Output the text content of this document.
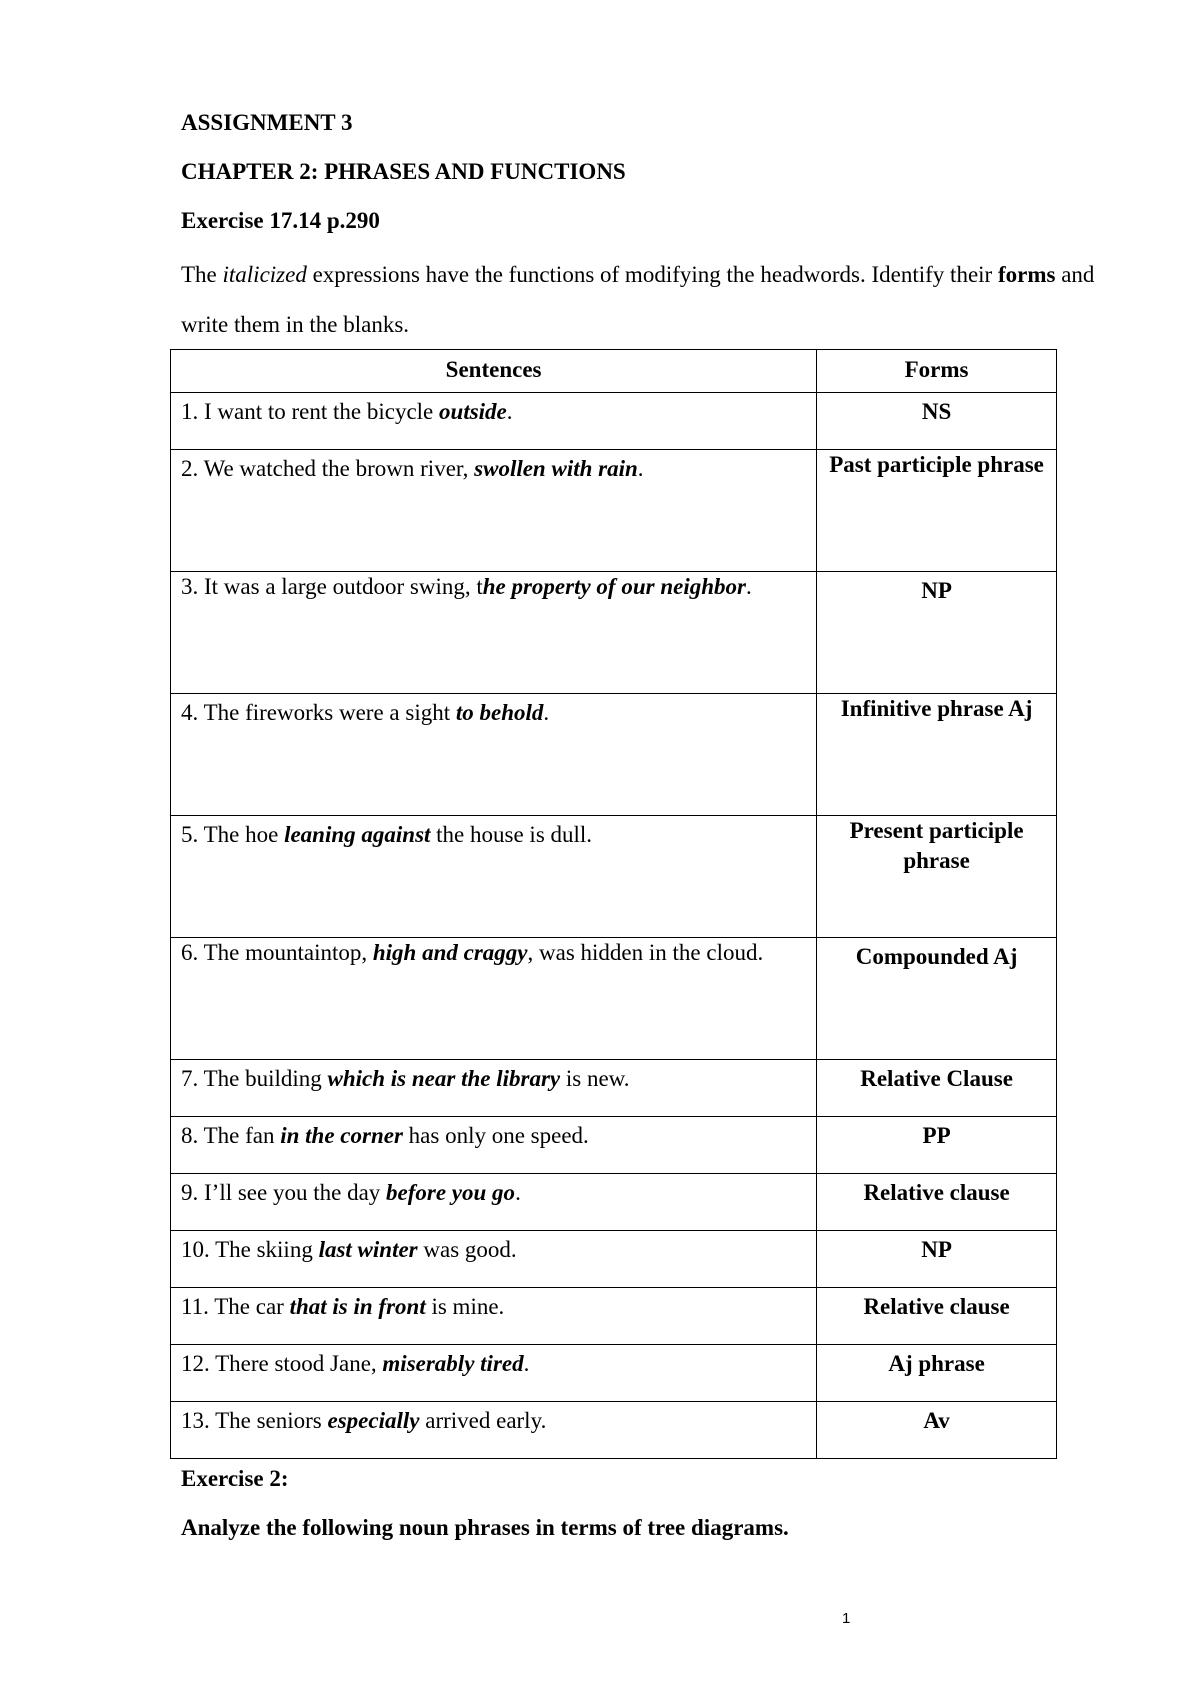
ASSIGNMENT 3
CHAPTER 2: PHRASES AND FUNCTIONS
Exercise 17.14 p.290
The italicized expressions have the functions of modifying the headwords. Identify their forms and write them in the blanks.
Sentences	Forms
1. I want to rent the bicycle outside.	NS
2. We watched the brown river, swollen with rain.	Past participle phrase
3. It was a large outdoor swing, the property of our neighbor.	NP
4. The fireworks were a sight to behold.	Infinitive phrase Aj
5. The hoe leaning against the house is dull.	Present participle phrase
6. The mountaintop, high and craggy, was hidden in the cloud.	Compounded Aj
7. The building which is near the library is new.	Relative Clause
8. The fan in the corner has only one speed.	PP
9. I’ll see you the day before you go.	Relative clause
10. The skiing last winter was good.	NP
11. The car that is in front is mine.	Relative clause
12. There stood Jane, miserably tired.	Aj phrase
13. The seniors especially arrived early.	Av
Exercise 2:
Analyze the following noun phrases in terms of tree diagrams.
1
